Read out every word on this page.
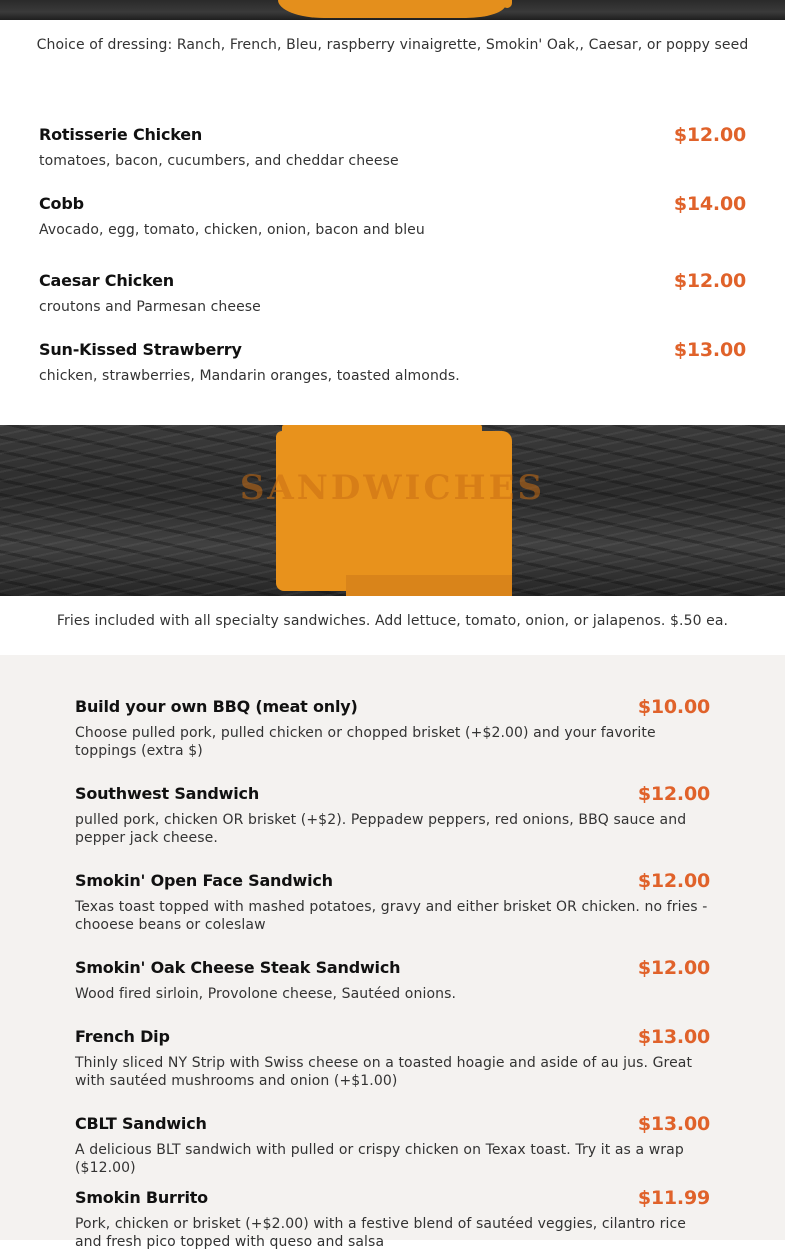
Choice of dressing: Ranch, French, Bleu, raspberry vinaigrette, Smokin' Oak,, Caesar, or poppy seed
Rotisserie Chicken	$12.00
tomatoes, bacon, cucumbers, and cheddar cheese
Cobb	$14.00
Avocado, egg, tomato, chicken, onion, bacon and bleu
Caesar Chicken	$12.00
croutons and Parmesan cheese
Sun-Kissed Strawberry	$13.00
chicken, strawberries, Mandarin oranges, toasted almonds.
SANDWICHES
Fries included with all specialty sandwiches. Add lettuce, tomato, onion, or jalapenos. $.50 ea.
Build your own BBQ (meat only)	$10.00
Choose pulled pork, pulled chicken or chopped brisket (+$2.00) and your favorite toppings (extra $)
Southwest Sandwich	$12.00
pulled pork, chicken OR brisket (+$2). Peppadew peppers, red onions, BBQ sauce and pepper jack cheese.
Smokin' Open Face Sandwich	$12.00
Texas toast topped with mashed potatoes, gravy and either brisket OR chicken. no fries - chooese beans or coleslaw
Smokin' Oak Cheese Steak Sandwich	$12.00
Wood fired sirloin, Provolone cheese, Sautéed onions.
French Dip	$13.00
Thinly sliced NY Strip with Swiss cheese on a toasted hoagie and aside of au jus. Great with sautéed mushrooms and onion (+$1.00)
CBLT Sandwich	$13.00
A delicious BLT sandwich with pulled or crispy chicken on Texax toast. Try it as a wrap ($12.00)
Smokin Burrito	$11.99
Pork, chicken or brisket (+$2.00) with a festive blend of sautéed veggies, cilantro rice and fresh pico topped with queso and salsa
